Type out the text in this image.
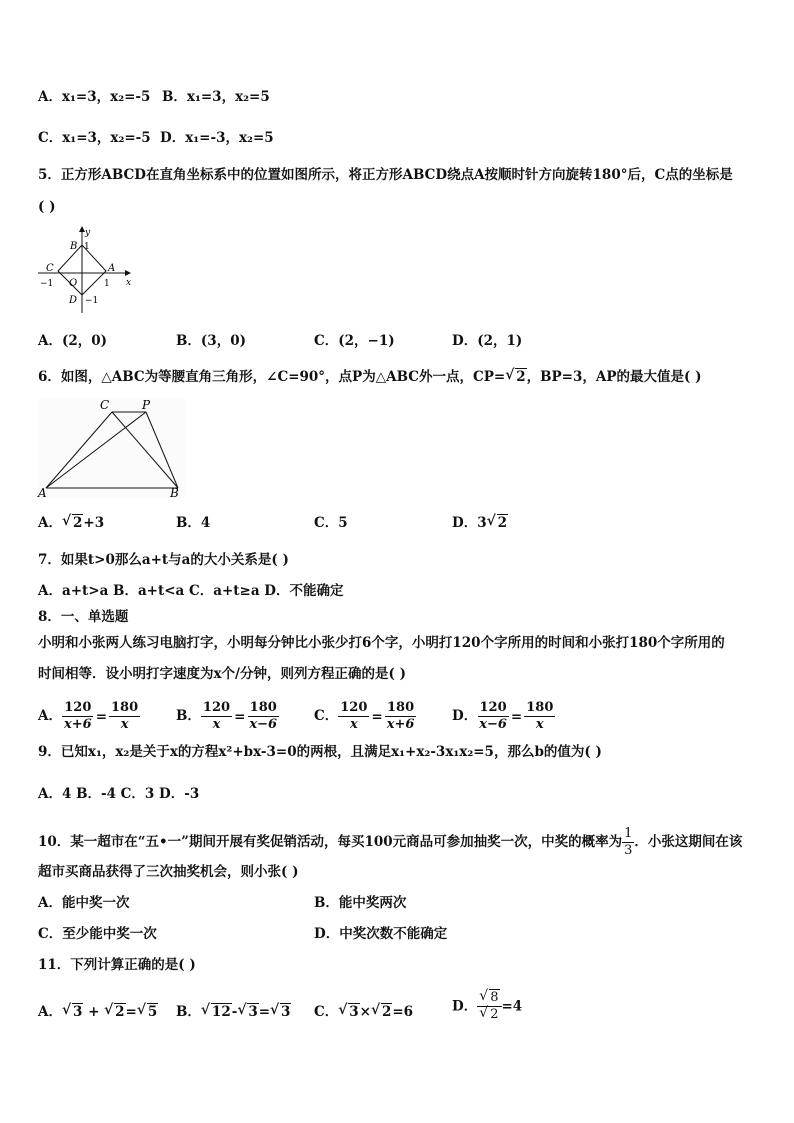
A．x₁=3，x₂=-5 B．x₁=3，x₂=5
C．x₁=3，x₂=-5 D．x₁=-3，x₂=5
5．正方形ABCD在直角坐标系中的位置如图所示，将正方形ABCD绕点A按顺时针方向旋转180°后，C点的坐标是
( )
y
x
B 1
C	A
−1 O	1
D −1
A．(2，0)	B．(3，0)	C．(2，−1)	D．(2，1)
6．如图，△ABC为等腰直角三角形，∠C=90°，点P为△ABC外一点，CP= √ 2，BP=3，AP的最大值是( )
C	P
A	B
A． √ 2+3	B．4	C．5	D．3 √ 2
7．如果t>0那么a+t与a的大小关系是( )
A．a+t>a B．a+t<a C．a+t≥a D．不能确定
8．一、单选题
小明和小张两人练习电脑打字，小明每分钟比小张少打6个字，小明打120个字所用的时间和小张打180个字所用的
时间相等．设小明打字速度为x个/分钟，则列方程正确的是( )
A． $\frac{120}{x+6} = \frac{180}{x}$	B． $\frac{120}{x} = \frac{180}{x-6}$	C． $\frac{120}{x} = \frac{180}{x+6}$	D． $\frac{120}{x-6} = \frac{180}{x}$
9．已知x₁，x₂是关于x的方程x²+bx-3=0的两根，且满足x₁+x₂-3x₁x₂=5，那么b的值为( )
A．4 B．-4 C．3 D．-3
10．某一超市在“五•一”期间开展有奖促销活动，每买100元商品可参加抽奖一次，中奖的概率为 $\frac{1}{3}$ ．小张这期间在该
超市买商品获得了三次抽奖机会，则小张( )
A．能中奖一次	B．能中奖两次
C．至少能中奖一次	D．中奖次数不能确定
11．下列计算正确的是( )
A． √ 3 + √ 2= √ 5 B． √ 12- √ 3= √ 3 C． √ 3× √ 2=6	D． $\frac{√ 8}{√ 2} =4$
